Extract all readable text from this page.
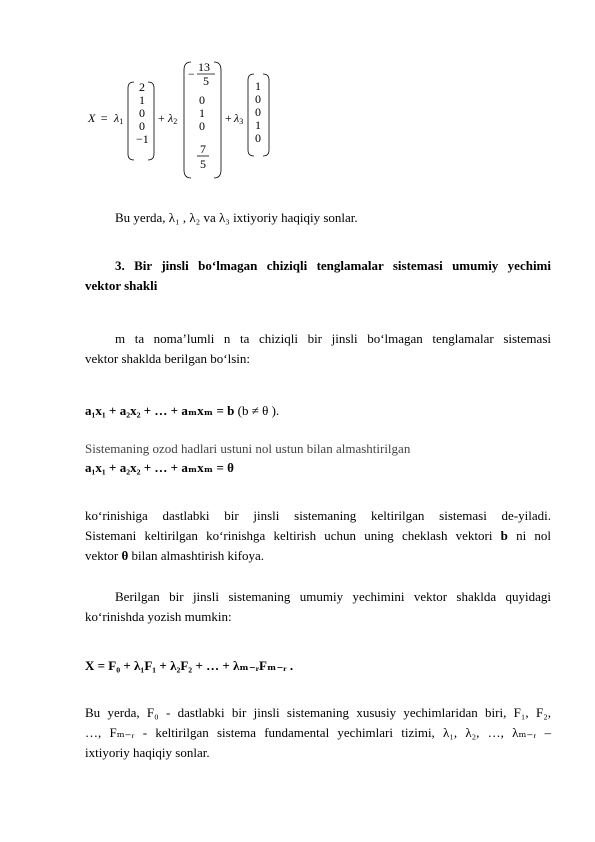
$X = \lambda_1$
2
1
0
0
−1
+ $\lambda_2$
− 13
5
0
1
0
7
5
+ $\lambda_3$
1
0
0
1
0
Bu yerda, λ₁ , λ₂ va λ₃ ixtiyoriy haqiqiy sonlar.
3. Bir jinsli bo‘lmagan chiziqli tenglamalar sistemasi umumiy yechimi
vektor shakli
m ta noma’lumli n ta chiziqli bir jinsli bo‘lmagan tenglamalar sistemasi
vektor shaklda berilgan bo‘lsin:
a₁x₁ + a₂x₂ + … + aₘxₘ = b (b ≠ θ ).
Sistemaning ozod hadlari ustuni nol ustun bilan almashtirilgan
a₁x₁ + a₂x₂ + … + aₘxₘ = θ
ko‘rinishiga dastlabki bir jinsli sistemaning keltirilgan sistemasi de-yiladi.
Sistemani keltirilgan ko‘rinishga keltirish uchun uning cheklash vektori b ni nol
vektor θ bilan almashtirish kifoya.
Berilgan bir jinsli sistemaning umumiy yechimini vektor shaklda quyidagi
ko‘rinishda yozish mumkin:
X = F₀ + λ₁F₁ + λ₂F₂ + … + λₘ₋ᵣFₘ₋ᵣ .
Bu yerda, F₀ - dastlabki bir jinsli sistemaning xususiy yechimlaridan biri, F₁, F₂,
…, Fₘ₋ᵣ - keltirilgan sistema fundamental yechimlari tizimi, λ₁, λ₂, …, λₘ₋ᵣ –
ixtiyoriy haqiqiy sonlar.
